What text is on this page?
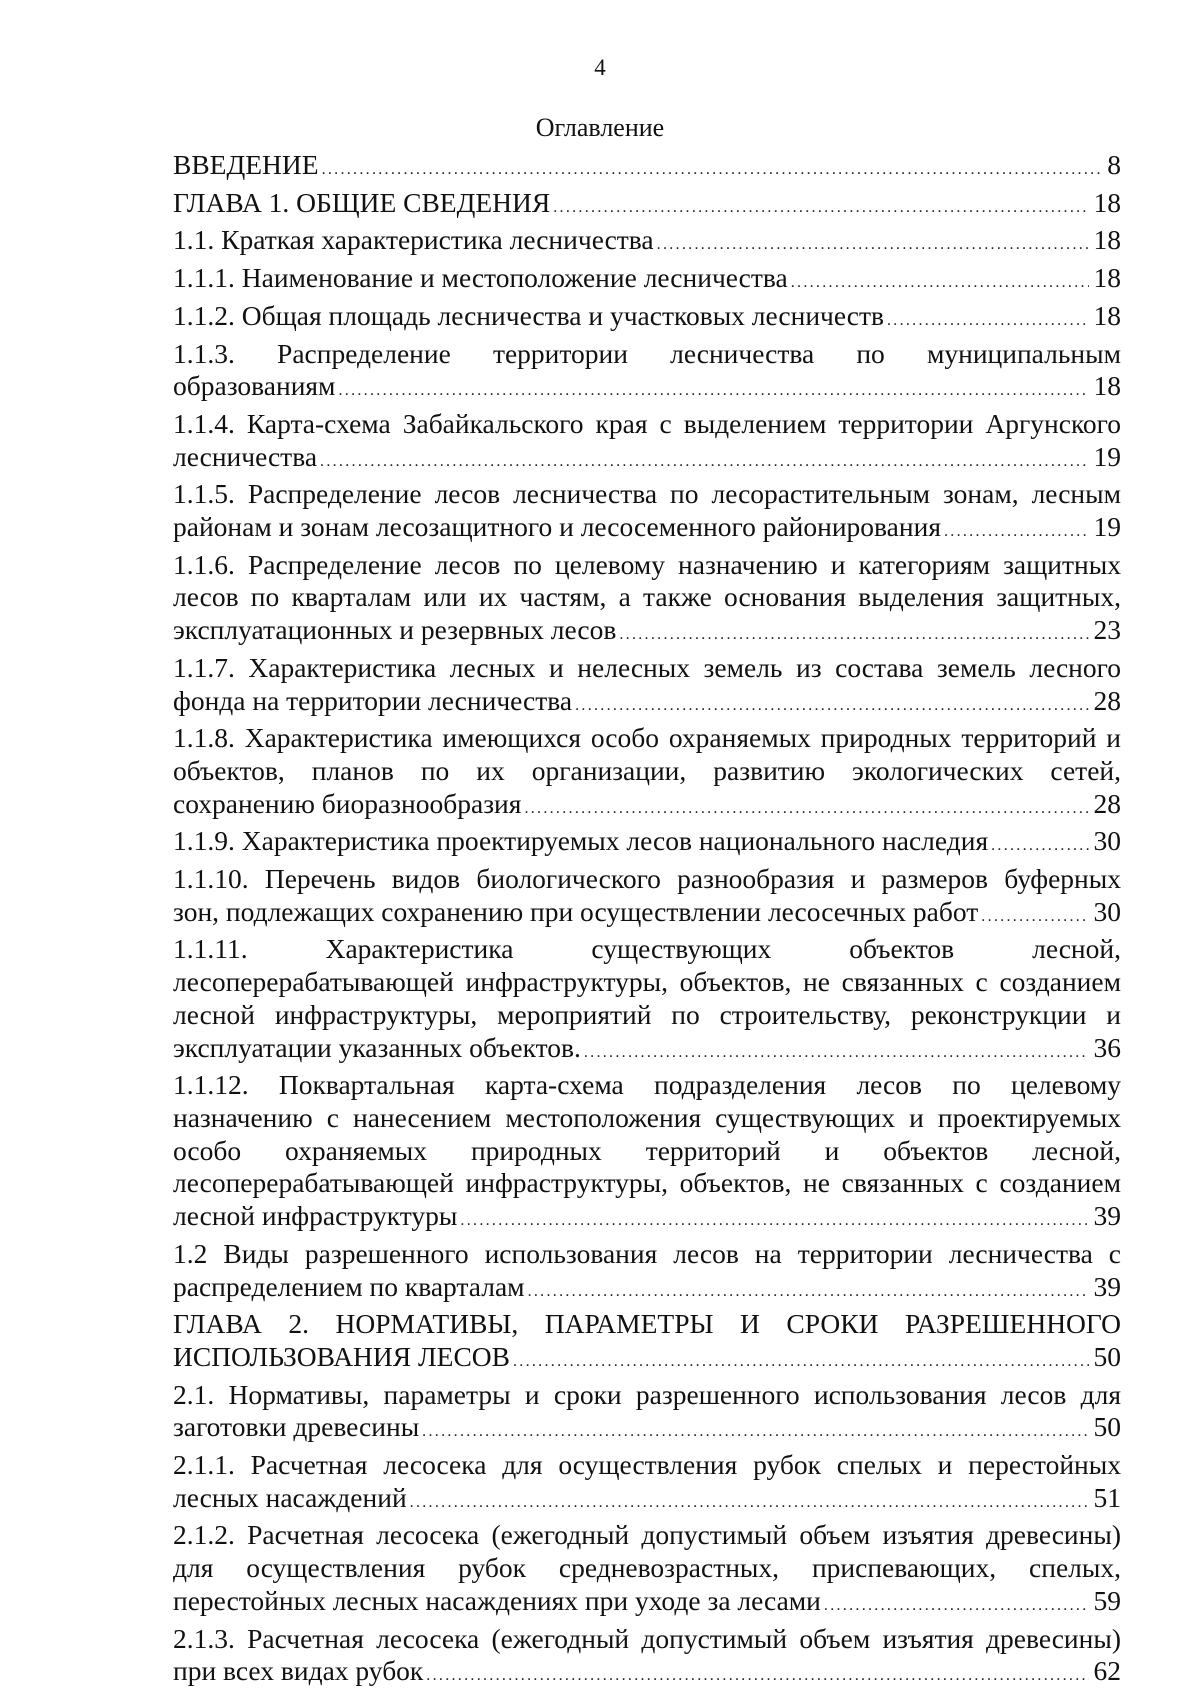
4
Оглавление
ВВЕДЕНИЕ .....	8
ГЛАВА 1. ОБЩИЕ СВЕДЕНИЯ .....	18
1.1. Краткая характеристика лесничества .....	18
1.1.1. Наименование и местоположение лесничества .....	18
1.1.2. Общая площадь лесничества и участковых лесничеств .....	18
1.1.3. Распределение территории лесничества по муниципальным
образованиям .....	18
1.1.4. Карта-схема Забайкальского края с выделением территории Аргунского
лесничества .....	19
1.1.5. Распределение лесов лесничества по лесорастительным зонам, лесным
районам и зонам лесозащитного и лесосеменного районирования .....	19
1.1.6. Распределение лесов по целевому назначению и категориям защитных лесов по кварталам или их частям, а также основания выделения защитных,
эксплуатационных и резервных лесов .....	23
1.1.7. Характеристика лесных и нелесных земель из состава земель лесного
фонда на территории лесничества .....	28
1.1.8. Характеристика имеющихся особо охраняемых природных территорий и объектов, планов по их организации, развитию экологических сетей,
сохранению биоразнообразия .....	28
1.1.9. Характеристика проектируемых лесов национального наследия .....	30
1.1.10. Перечень видов биологического разнообразия и размеров буферных
зон, подлежащих сохранению при осуществлении лесосечных работ .....	30
1.1.11. Характеристика существующих объектов лесной, лесоперерабатывающей инфраструктуры, объектов, не связанных с созданием лесной инфраструктуры, мероприятий по строительству, реконструкции и
эксплуатации указанных объектов. .....	36
1.1.12. Поквартальная карта-схема подразделения лесов по целевому назначению с нанесением местоположения существующих и проектируемых особо охраняемых природных территорий и объектов лесной, лесоперерабатывающей инфраструктуры, объектов, не связанных с созданием
лесной инфраструктуры .....	39
1.2 Виды разрешенного использования лесов на территории лесничества с
распределением по кварталам .....	39
ГЛАВА 2. НОРМАТИВЫ, ПАРАМЕТРЫ И СРОКИ РАЗРЕШЕННОГО
ИСПОЛЬЗОВАНИЯ ЛЕСОВ .....	50
2.1. Нормативы, параметры и сроки разрешенного использования лесов для
заготовки древесины .....	50
2.1.1. Расчетная лесосека для осуществления рубок спелых и перестойных
лесных насаждений .....	51
2.1.2. Расчетная лесосека (ежегодный допустимый объем изъятия древесины) для осуществления рубок средневозрастных, приспевающих, спелых,
перестойных лесных насаждениях при уходе за лесами .....	59
2.1.3. Расчетная лесосека (ежегодный допустимый объем изъятия древесины)
при всех видах рубок .....	62
